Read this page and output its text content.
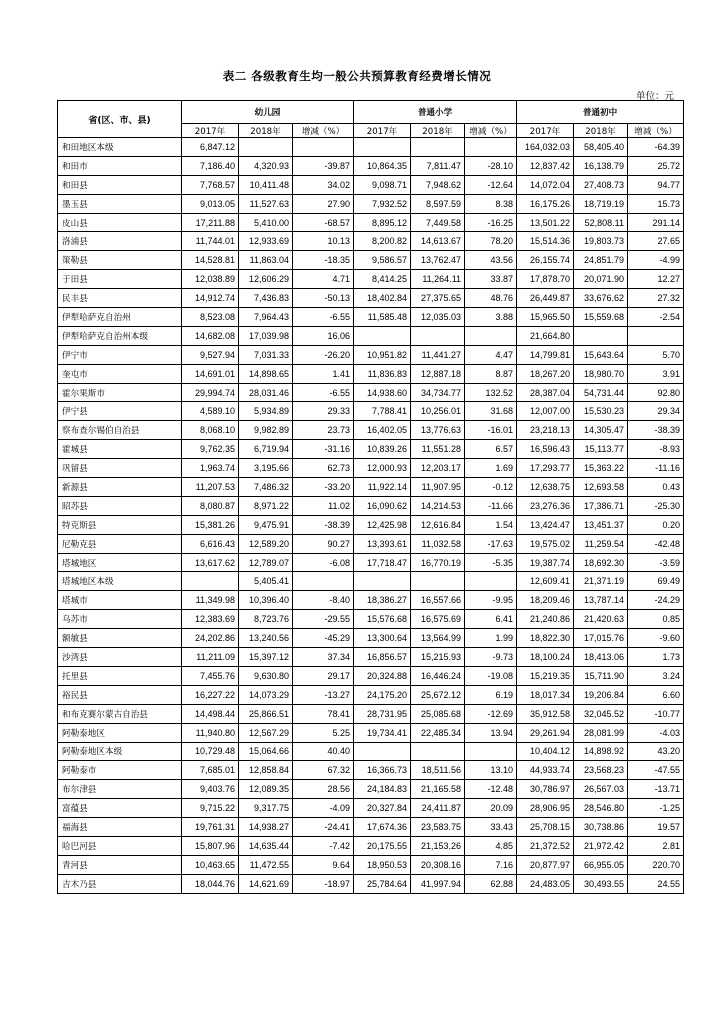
表二 各级教育生均一般公共预算教育经费增长情况
单位：元
省(区、市、县)	幼儿园			普通小学			普通初中		
	2017年	2018年	增减（%）	2017年	2018年	增减（%）	2017年	2018年	增减（%）
和田地区本级	6,847.12						164,032.03	58,405.40	-64.39
和田市	7,186.40	4,320.93	-39.87	10,864.35	7,811.47	-28.10	12,837.42	16,138.79	25.72
和田县	7,768.57	10,411.48	34.02	9,098.71	7,948.62	-12.64	14,072.04	27,408.73	94.77
墨玉县	9,013.05	11,527.63	27.90	7,932.52	8,597.59	8.38	16,175.26	18,719.19	15.73
皮山县	17,211.88	5,410.00	-68.57	8,895.12	7,449.58	-16.25	13,501.22	52,808.11	291.14
洛浦县	11,744.01	12,933.69	10.13	8,200.82	14,613.67	78.20	15,514.36	19,803.73	27.65
策勒县	14,528.81	11,863.04	-18.35	9,586.57	13,762.47	43.56	26,155.74	24,851.79	-4.99
于田县	12,038.89	12,606.29	4.71	8,414.25	11,264.11	33.87	17,878.70	20,071.90	12.27
民丰县	14,912.74	7,436.83	-50.13	18,402.84	27,375.65	48.76	26,449.87	33,676.62	27.32
伊犁哈萨克自治州	8,523.08	7,964.43	-6.55	11,585.48	12,035.03	3.88	15,965.50	15,559.68	-2.54
伊犁哈萨克自治州本级	14,682.08	17,039.98	16.06				21,664.80		
伊宁市	9,527.94	7,031.33	-26.20	10,951.82	11,441.27	4.47	14,799.81	15,643.64	5.70
奎屯市	14,691.01	14,898.65	1.41	11,836.83	12,887.18	8.87	18,267.20	18,980.70	3.91
霍尔果斯市	29,994.74	28,031.46	-6.55	14,938.60	34,734.77	132.52	28,387.04	54,731.44	92.80
伊宁县	4,589.10	5,934.89	29.33	7,788.41	10,256.01	31.68	12,007.00	15,530.23	29.34
察布查尔锡伯自治县	8,068.10	9,982.89	23.73	16,402.05	13,776.63	-16.01	23,218.13	14,305.47	-38.39
霍城县	9,762.35	6,719.94	-31.16	10,839.26	11,551.28	6.57	16,596.43	15,113.77	-8.93
巩留县	1,963.74	3,195.66	62.73	12,000.93	12,203.17	1.69	17,293.77	15,363.22	-11.16
新源县	11,207.53	7,486.32	-33.20	11,922.14	11,907.95	-0.12	12,638.75	12,693.58	0.43
昭苏县	8,080.87	8,971.22	11.02	16,090.62	14,214.53	-11.66	23,276.36	17,386.71	-25.30
特克斯县	15,381.26	9,475.91	-38.39	12,425.98	12,616.84	1.54	13,424.47	13,451.37	0.20
尼勒克县	6,616.43	12,589.20	90.27	13,393.61	11,032.58	-17.63	19,575.02	11,259.54	-42.48
塔城地区	13,617.62	12,789.07	-6.08	17,718.47	16,770.19	-5.35	19,387.74	18,692.30	-3.59
塔城地区本级		5,405.41					12,609.41	21,371.19	69.49
塔城市	11,349.98	10,396.40	-8.40	18,386.27	16,557.66	-9.95	18,209.46	13,787.14	-24.29
乌苏市	12,383.69	8,723.76	-29.55	15,576.68	16,575.69	6.41	21,240.86	21,420.63	0.85
额敏县	24,202.86	13,240.56	-45.29	13,300.64	13,564.99	1.99	18,822.30	17,015.76	-9.60
沙湾县	11,211.09	15,397.12	37.34	16,856.57	15,215.93	-9.73	18,100.24	18,413.06	1.73
托里县	7,455.76	9,630.80	29.17	20,324.88	16,446.24	-19.08	15,219.35	15,711.90	3.24
裕民县	16,227.22	14,073.29	-13.27	24,175.20	25,672.12	6.19	18,017.34	19,206.84	6.60
和布克赛尔蒙古自治县	14,498.44	25,866.51	78.41	28,731.95	25,085.68	-12.69	35,912.58	32,045.52	-10.77
阿勒泰地区	11,940.80	12,567.29	5.25	19,734.41	22,485.34	13.94	29,261.94	28,081.99	-4.03
阿勒泰地区本级	10,729.48	15,064.66	40.40				10,404.12	14,898.92	43.20
阿勒泰市	7,685.01	12,858.84	67.32	16,366.73	18,511.56	13.10	44,933.74	23,568.23	-47.55
布尔津县	9,403.76	12,089.35	28.56	24,184.83	21,165.58	-12.48	30,786.97	26,567.03	-13.71
富蕴县	9,715.22	9,317.75	-4.09	20,327.84	24,411.87	20.09	28,906.95	28,546.80	-1.25
福海县	19,761.31	14,938.27	-24.41	17,674.36	23,583.75	33.43	25,708.15	30,738.86	19.57
哈巴河县	15,807.96	14,635.44	-7.42	20,175.55	21,153.26	4.85	21,372.52	21,972.42	2.81
青河县	10,463.65	11,472.55	9.64	18,950.53	20,308.16	7.16	20,877.97	66,955.05	220.70
吉木乃县	18,044.76	14,621.69	-18.97	25,784.64	41,997.94	62.88	24,483.05	30,493.55	24.55
